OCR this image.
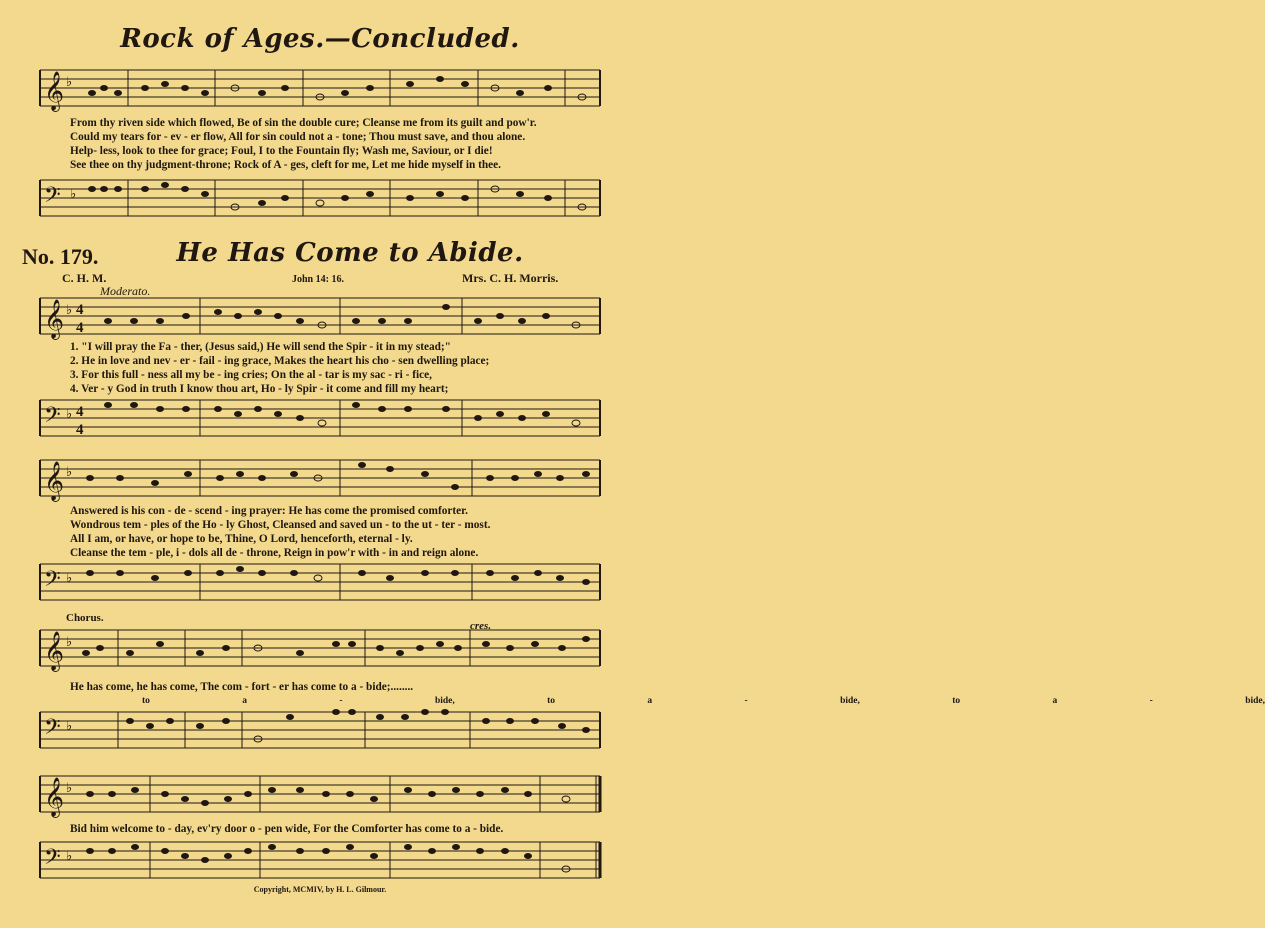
Rock of Ages.—Concluded.
𝄞 ♭
From thy riven side which flowed, Be of sin the double cure; Cleanse me from its guilt and pow'r.
Could my tears for - ev - er flow, All for sin could not a - tone; Thou must save, and thou alone.
Help- less, look to thee for grace; Foul, I to the Fountain fly; Wash me, Saviour, or I die!
See thee on thy judgment-throne; Rock of A - ges, cleft for me, Let me hide myself in thee.
𝄢 ♭
No. 179.	He Has Come to Abide.
C. H. M.	John 14: 16.	Mrs. C. H. Morris.
Moderato.
𝄞 ♭ 4
4
1. "I will pray the Fa - ther, (Jesus said,) He will send the Spir - it in my stead;"
2. He in love and nev - er - fail - ing grace, Makes the heart his cho - sen dwelling place;
3. For this full - ness all my be - ing cries; On the al - tar is my sac - ri - fice,
4. Ver - y God in truth I know thou art, Ho - ly Spir - it come and fill my heart;
𝄢 ♭ 4
4
𝄞 ♭
Answered is his con - de - scend - ing prayer: He has come the promised comforter.
Wondrous tem - ples of the Ho - ly Ghost, Cleansed and saved un - to the ut - ter - most.
All I am, or have, or hope to be, Thine, O Lord, henceforth, eternal - ly.
Cleanse the tem - ple, i - dols all de - throne, Reign in pow'r with - in and reign alone.
𝄢 ♭
Chorus.
cres.
𝄞 ♭
He has come, he has come, The com - fort - er has come to a - bide;........
to a - bide, to a - bide, to a - bide,
𝄢 ♭
𝄞 ♭
Bid him welcome to - day, ev'ry door o - pen wide, For the Comforter has come to a - bide.
𝄢 ♭
Copyright, MCMIV, by H. L. Gilmour.
